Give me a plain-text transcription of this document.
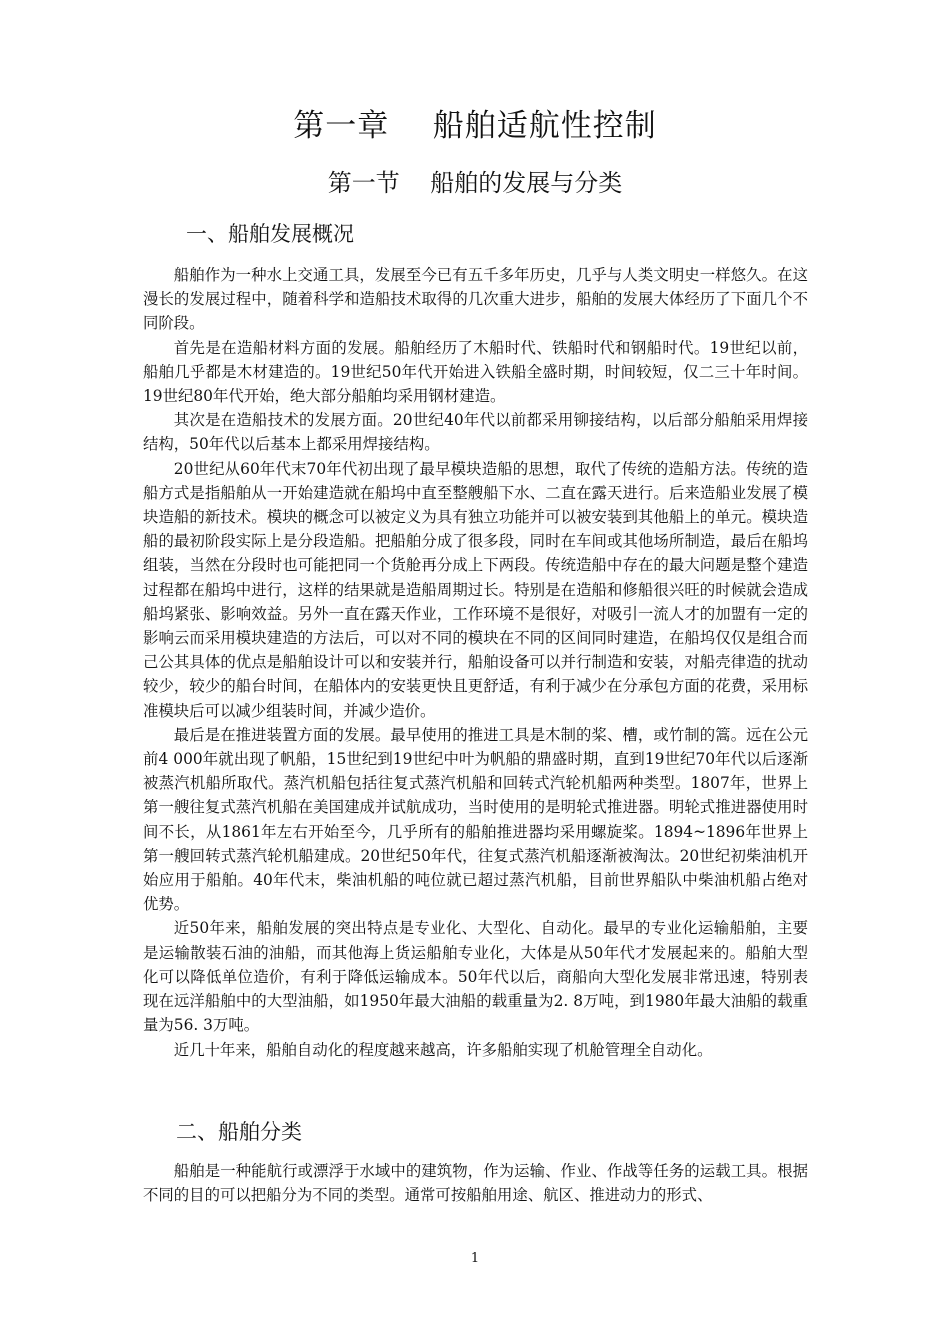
第一章    船舶适航性控制
第一节    船舶的发展与分类
一、船舶发展概况

船舶作为一种水上交通工具，发展至今已有五千多年历史，几乎与人类文明史一样悠久。在这漫长的发展过程中，随着科学和造船技术取得的几次重大进步，船舶的发展大体经历了下面几个不同阶段。

首先是在造船材料方面的发展。船舶经历了木船时代、铁船时代和钢船时代。19世纪以前，船舶几乎都是木材建造的。19世纪50年代开始进入铁船全盛时期，时间较短，仅二三十年时间。19世纪80年代开始，绝大部分船舶均采用钢材建造。

其次是在造船技术的发展方面。20世纪40年代以前都采用铆接结构，以后部分船舶采用焊接结构，50年代以后基本上都采用焊接结构。

20世纪从60年代末70年代初出现了最早模块造船的思想，取代了传统的造船方法。传统的造船方式是指船舶从一开始建造就在船坞中直至整艘船下水、二直在露天进行。后来造船业发展了模块造船的新技术。模块的概念可以被定义为具有独立功能并可以被安装到其他船上的单元。模块造船的最初阶段实际上是分段造船。把船舶分成了很多段，同时在车间或其他场所制造，最后在船坞组装，当然在分段时也可能把同一个货舱再分成上下两段。传统造船中存在的最大问题是整个建造过程都在船坞中进行，这样的结果就是造船周期过长。特别是在造船和修船很兴旺的时候就会造成船坞紧张、影响效益。另外一直在露天作业，工作环境不是很好，对吸引一流人才的加盟有一定的影响云而采用模块建造的方法后，可以对不同的模块在不同的区间同时建造，在船坞仅仅是组合而己公其具体的优点是船舶设计可以和安装并行，船舶设备可以并行制造和安装，对船壳律造的扰动较少，较少的船台时间，在船体内的安装更快且更舒适，有利于减少在分承包方面的花费，采用标准模块后可以减少组装时间，并减少造价。

最后是在推进装置方面的发展。最早使用的推进工具是木制的桨、槽，或竹制的篙。远在公元前4 000年就出现了帆船，15世纪到19世纪中叶为帆船的鼎盛时期，直到19世纪70年代以后逐渐被蒸汽机船所取代。蒸汽机船包括往复式蒸汽机船和回转式汽轮机船两种类型。1807年，世界上第一艘往复式蒸汽机船在美国建成并试航成功，当时使用的是明轮式推进器。明轮式推进器使用时间不长，从1861年左右开始至今，几乎所有的船舶推进器均采用螺旋桨。1894~1896年世界上第一艘回转式蒸汽轮机船建成。20世纪50年代，往复式蒸汽机船逐渐被淘汰。20世纪初柴油机开始应用于船舶。40年代末，柴油机船的吨位就已超过蒸汽机船，目前世界船队中柴油机船占绝对优势。

近50年来，船舶发展的突出特点是专业化、大型化、自动化。最早的专业化运输船舶，主要是运输散装石油的油船，而其他海上货运船舶专业化，大体是从50年代才发展起来的。船舶大型化可以降低单位造价，有利于降低运输成本。50年代以后，商船向大型化发展非常迅速，特别表现在远洋船舶中的大型油船，如1950年最大油船的载重量为2. 8万吨，到1980年最大油船的载重量为56. 3万吨。

近几十年来，船舶自动化的程度越来越高，许多船舶实现了机舱管理全自动化。

二、船舶分类

船舶是一种能航行或漂浮于水域中的建筑物，作为运输、作业、作战等任务的运载工具。根据不同的目的可以把船分为不同的类型。通常可按船舶用途、航区、推进动力的形式、

1
